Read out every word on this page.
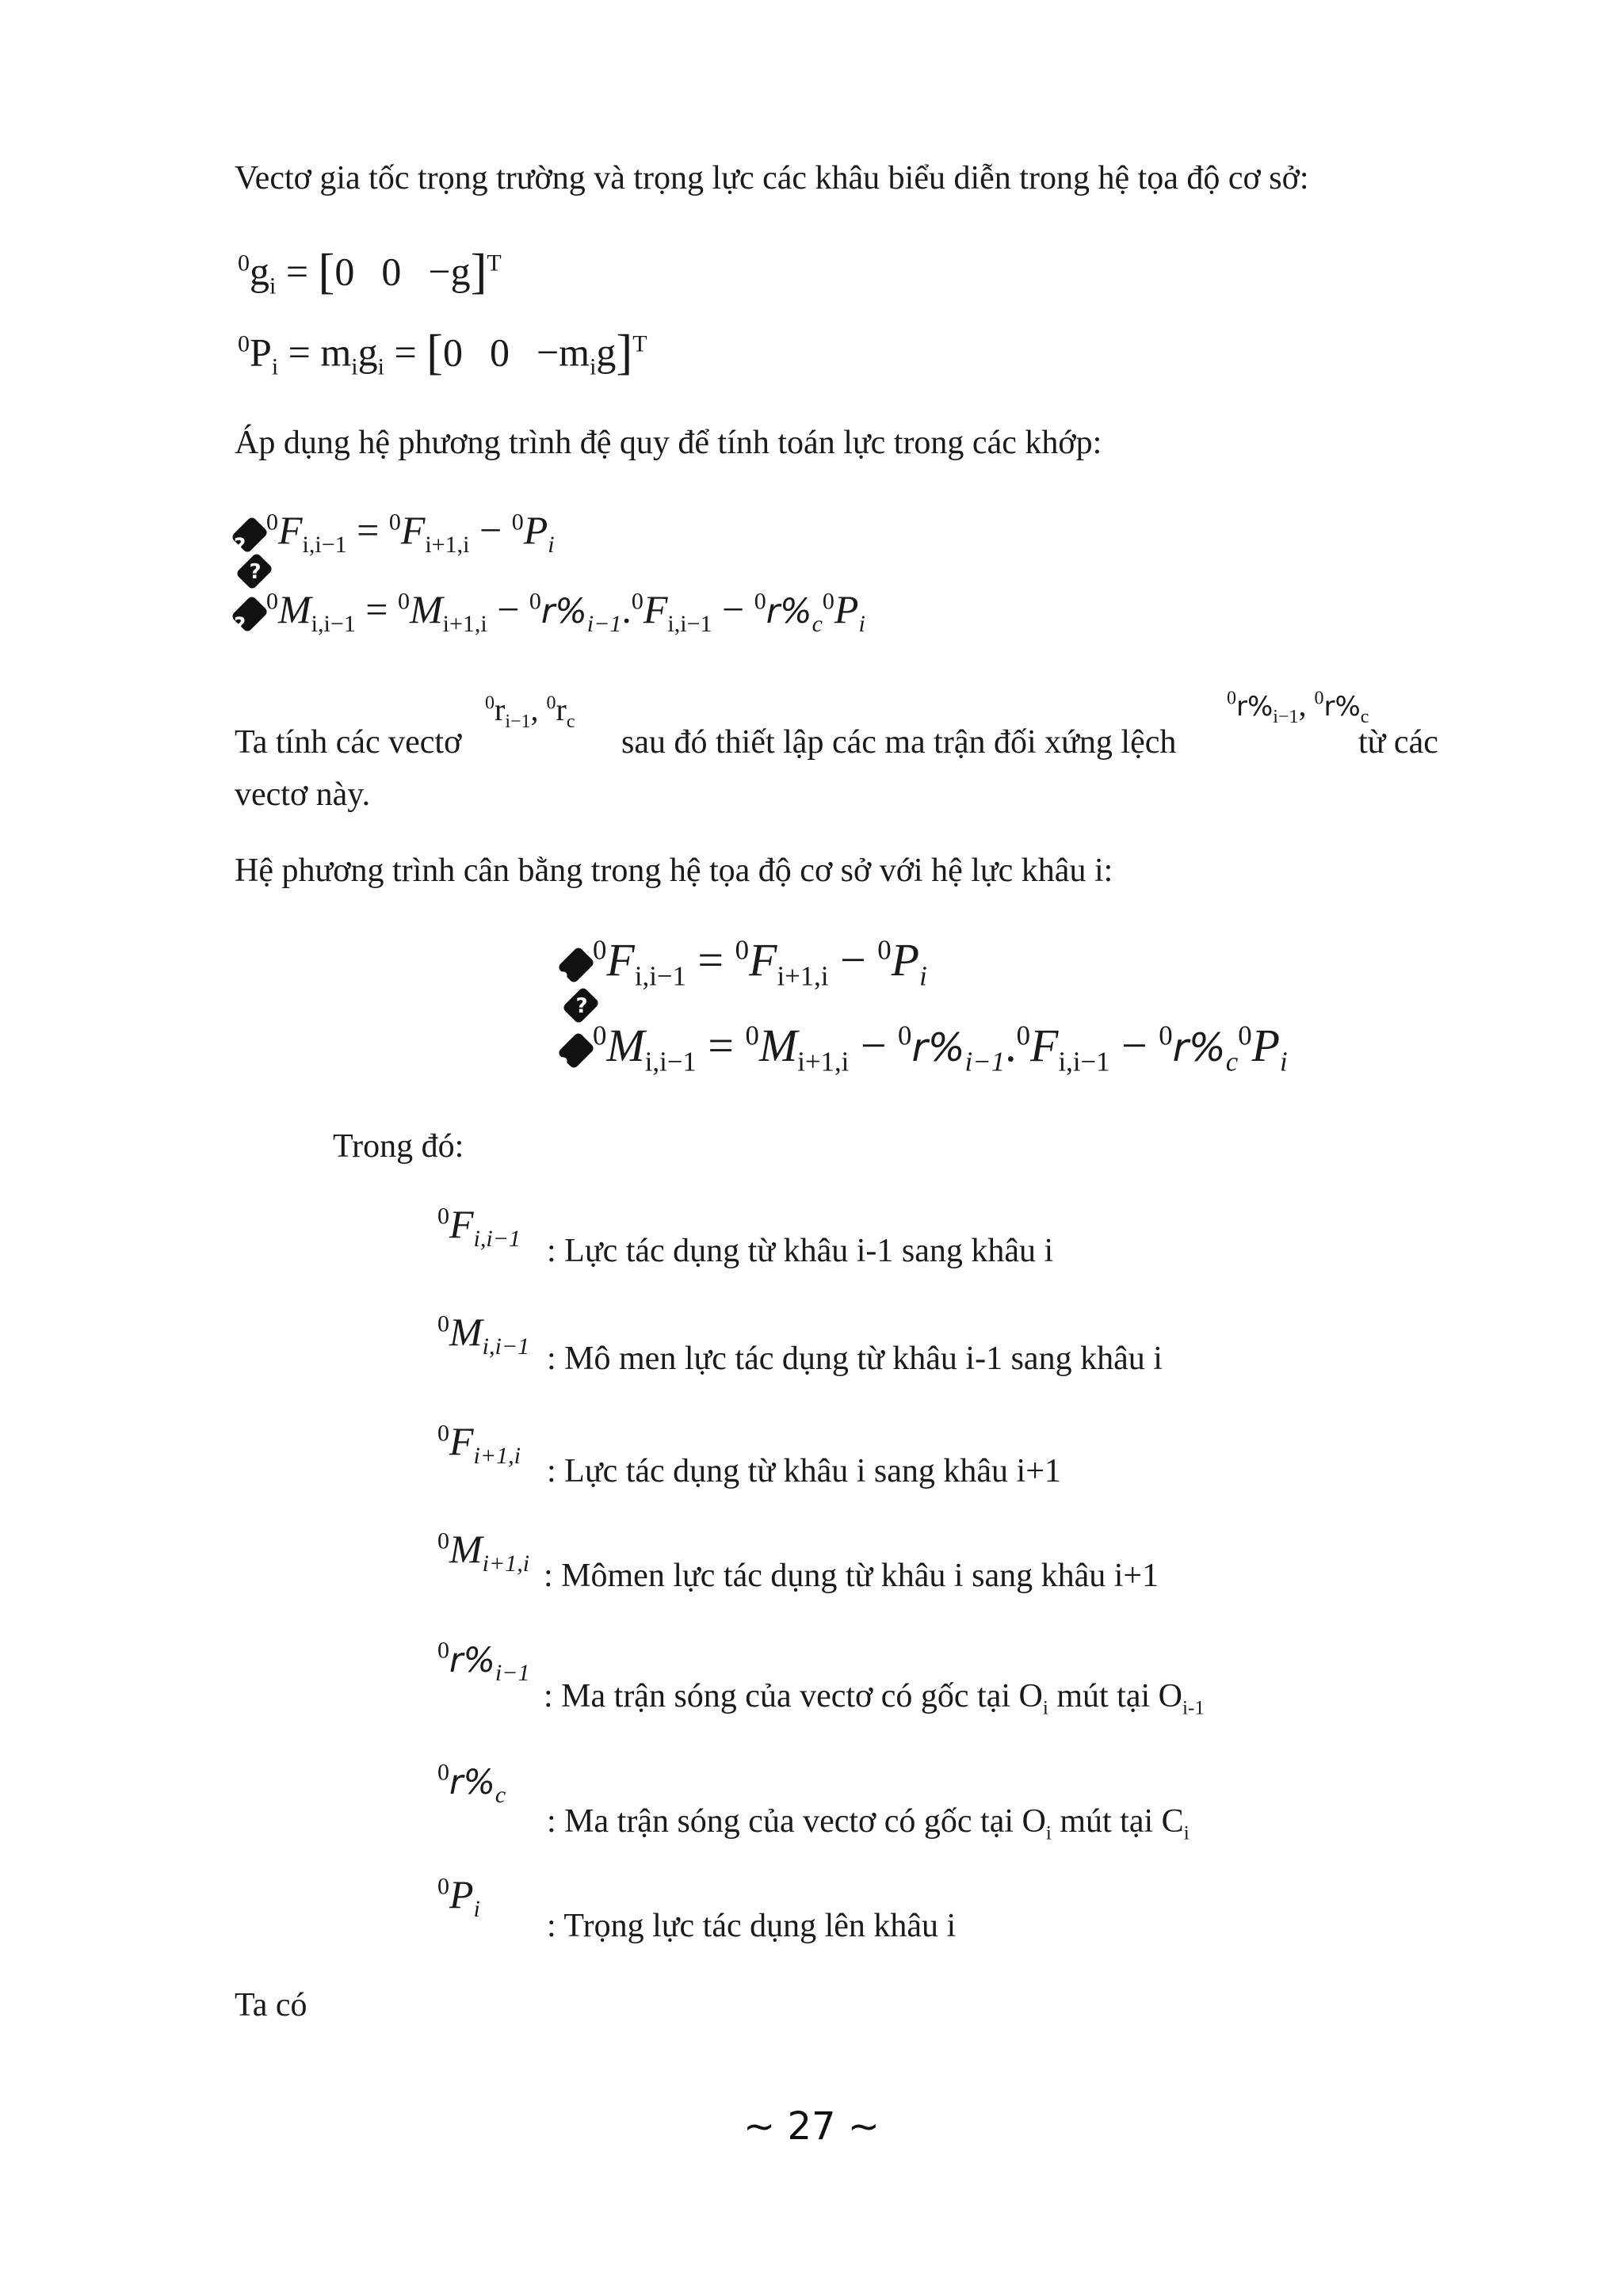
Vectơ gia tốc trọng trường và trọng lực các khâu biểu diễn trong hệ tọa độ cơ sở:
$^0g_i = [0$ 0 −g]$^T$
$^0P_i = m_ig_i = [0$ $0 -m_ig]^T$
Áp dụng hệ phương trình đệ quy để tính toán lực trong các khớp:
$?^0F_{i,i-1} = ^0F_{i+1,i} - ^0P_i$
?
$?^0M_{i,i-1} = ^0M_{i+1,i} - ^0r\%_{i-1}.^0F_{i,i-1} - ^0r\%_c^0P_i$
Ta tính các vectơ
$^0r_{i-1}$, $^0r_c$
sau đó thiết lập các ma trận đối xứng lệch
$^0r\%_{i-1}$, $^0r\%_c$
từ các
vectơ này.
Hệ phương trình cân bằng trong hệ tọa độ cơ sở với hệ lực khâu i:
$?^0F_{i,i-1} = ^0F_{i+1,i} - ^0P_i$
?
$?^0M_{i,i-1} = ^0M_{i+1,i} - ^0r\%_{i-1}.^0F_{i,i-1} - ^0r\%_c^0P_i$
Trong đó:
$^0F_{i,i-1}$ : Lực tác dụng từ khâu i-1 sang khâu i
$^0M_{i,i-1}$ : Mô men lực tác dụng từ khâu i-1 sang khâu i
$^0F_{i+1,i}$ : Lực tác dụng từ khâu i sang khâu i+1
$^0M_{i+1,i}$ : Mômen lực tác dụng từ khâu i sang khâu i+1
$^0r\%_{i-1}$
: Ma trận sóng của vectơ có gốc tại $O_i$ mút tại $O_{i-1}$
$^0r\%_c$
: Ma trận sóng của vectơ có gốc tại $O_i$ mút tại $C_i$
$^0P_i$ : Trọng lực tác dụng lên khâu i
Ta có
~ 27 ~
